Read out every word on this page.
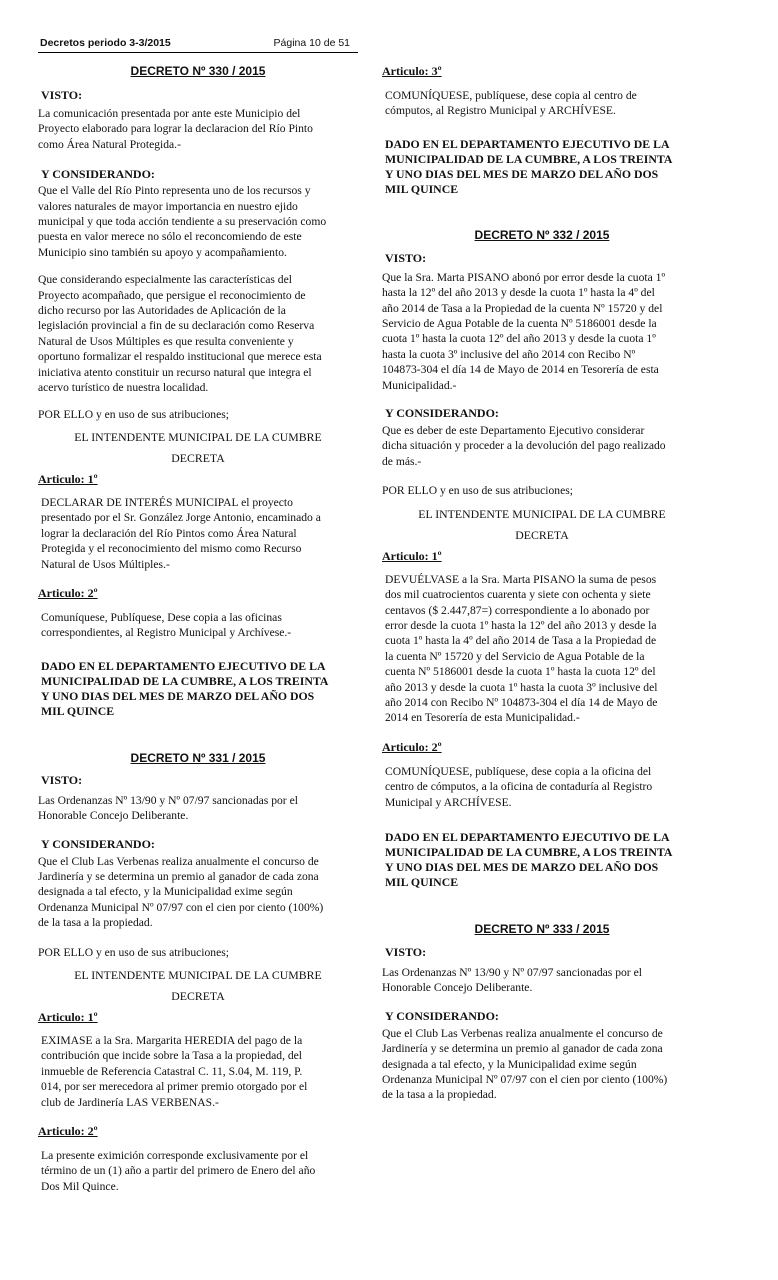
Decretos periodo 3-3/2015	Página 10 de 51

DECRETO Nº 330 / 2015

VISTO:

La comunicación presentada por ante este Municipio del
Proyecto elaborado para lograr la declaracion del Río Pinto
como Área Natural Protegida.-

Y CONSIDERANDO:

Que el Valle del Río Pinto representa uno de los recursos y
valores naturales de mayor importancia en nuestro ejido
municipal y que toda acción tendiente a su preservación como
puesta en valor merece no sólo el reconcomiendo de este
Municipio sino también su apoyo y acompañamiento.
Que considerando especialmente las características del
Proyecto acompañado, que persigue el reconocimiento de
dicho recurso por las Autoridades de Aplicación de la
legislación provincial a fin de su declaración como Reserva
Natural de Usos Múltiples es que resulta conveniente y
oportuno formalizar el respaldo institucional que merece esta
iniciativa atento constituir un recurso natural que integra el
acervo turístico de nuestra localidad.

POR ELLO y en uso de sus atribuciones;

EL INTENDENTE MUNICIPAL DE LA CUMBRE

DECRETA

Articulo: 1º

DECLARAR DE INTERÉS MUNICIPAL el proyecto
presentado por el Sr. González Jorge Antonio, encaminado a
lograr la declaración del Río Pintos como Área Natural
Protegida y el reconocimiento del mismo como Recurso
Natural de Usos Múltiples.-

Articulo: 2º

Comuníquese, Publíquese, Dese copia a las oficinas
correspondientes, al Registro Municipal y Archívese.-
DADO EN EL DEPARTAMENTO EJECUTIVO DE LA
MUNICIPALIDAD DE LA CUMBRE, A LOS TREINTA
Y UNO DIAS DEL MES DE MARZO DEL AÑO DOS
MIL QUINCE

DECRETO Nº 331 / 2015

VISTO:

Las Ordenanzas Nº 13/90 y Nº 07/97 sancionadas por el
Honorable Concejo Deliberante.

Y CONSIDERANDO:

Que el Club Las Verbenas realiza anualmente el concurso de
Jardinería y se determina un premio al ganador de cada zona
designada a tal efecto, y la Municipalidad exime según
Ordenanza Municipal Nº 07/97 con el cien por ciento (100%)
de la tasa a la propiedad.

POR ELLO y en uso de sus atribuciones;

EL INTENDENTE MUNICIPAL DE LA CUMBRE

DECRETA

Articulo: 1º

EXIMASE a la Sra. Margarita HEREDIA del pago de la
contribución que incide sobre la Tasa a la propiedad, del
inmueble de Referencia Catastral C. 11, S.04, M. 119, P.
014, por ser merecedora al primer premio otorgado por el
club de Jardinería LAS VERBENAS.-

Articulo: 2º

La presente eximición corresponde exclusivamente por el
término de un (1) año a partir del primero de Enero del año
Dos Mil Quince.

Articulo: 3º

COMUNÍQUESE, publíquese, dese copia al centro de
cómputos, al Registro Municipal y ARCHÍVESE.
DADO EN EL DEPARTAMENTO EJECUTIVO DE LA
MUNICIPALIDAD DE LA CUMBRE, A LOS TREINTA
Y UNO DIAS DEL MES DE MARZO DEL AÑO DOS
MIL QUINCE

DECRETO Nº 332 / 2015

VISTO:

Que la Sra. Marta PISANO abonó por error desde la cuota 1º
hasta la 12º del año 2013 y desde la cuota 1º hasta la 4º del
año 2014 de Tasa a la Propiedad de la cuenta Nº 15720 y del
Servicio de Agua Potable de la cuenta Nº 5186001 desde la
cuota 1º hasta la cuota 12º del año 2013 y desde la cuota 1º
hasta la cuota 3º inclusive del año 2014 con Recibo Nº
104873-304 el día 14 de Mayo de 2014 en Tesorería de esta
Municipalidad.-

Y CONSIDERANDO:

Que es deber de este Departamento Ejecutivo considerar
dicha situación y proceder a la devolución del pago realizado
de más.-

POR ELLO y en uso de sus atribuciones;

EL INTENDENTE MUNICIPAL DE LA CUMBRE

DECRETA

Articulo: 1º

DEVUÉLVASE a la Sra. Marta PISANO la suma de pesos
dos mil cuatrocientos cuarenta y siete con ochenta y siete
centavos ($ 2.447,87=) correspondiente a lo abonado por
error desde la cuota 1º hasta la 12º del año 2013 y desde la
cuota 1º hasta la 4º del año 2014 de Tasa a la Propiedad de
la cuenta Nº 15720 y del Servicio de Agua Potable de la
cuenta Nº 5186001 desde la cuota 1º hasta la cuota 12º del
año 2013 y desde la cuota 1º hasta la cuota 3º inclusive del
año 2014 con Recibo Nº 104873-304 el día 14 de Mayo de
2014 en Tesorería de esta Municipalidad.-

Articulo: 2º

COMUNÍQUESE, publíquese, dese copia a la oficina del
centro de cómputos, a la oficina de contaduría al Registro
Municipal y ARCHÍVESE.
DADO EN EL DEPARTAMENTO EJECUTIVO DE LA
MUNICIPALIDAD DE LA CUMBRE, A LOS TREINTA
Y UNO DIAS DEL MES DE MARZO DEL AÑO DOS
MIL QUINCE

DECRETO Nº 333 / 2015

VISTO:

Las Ordenanzas Nº 13/90 y Nº 07/97 sancionadas por el
Honorable Concejo Deliberante.

Y CONSIDERANDO:

Que el Club Las Verbenas realiza anualmente el concurso de
Jardinería y se determina un premio al ganador de cada zona
designada a tal efecto, y la Municipalidad exime según
Ordenanza Municipal Nº 07/97 con el cien por ciento (100%)
de la tasa a la propiedad.
